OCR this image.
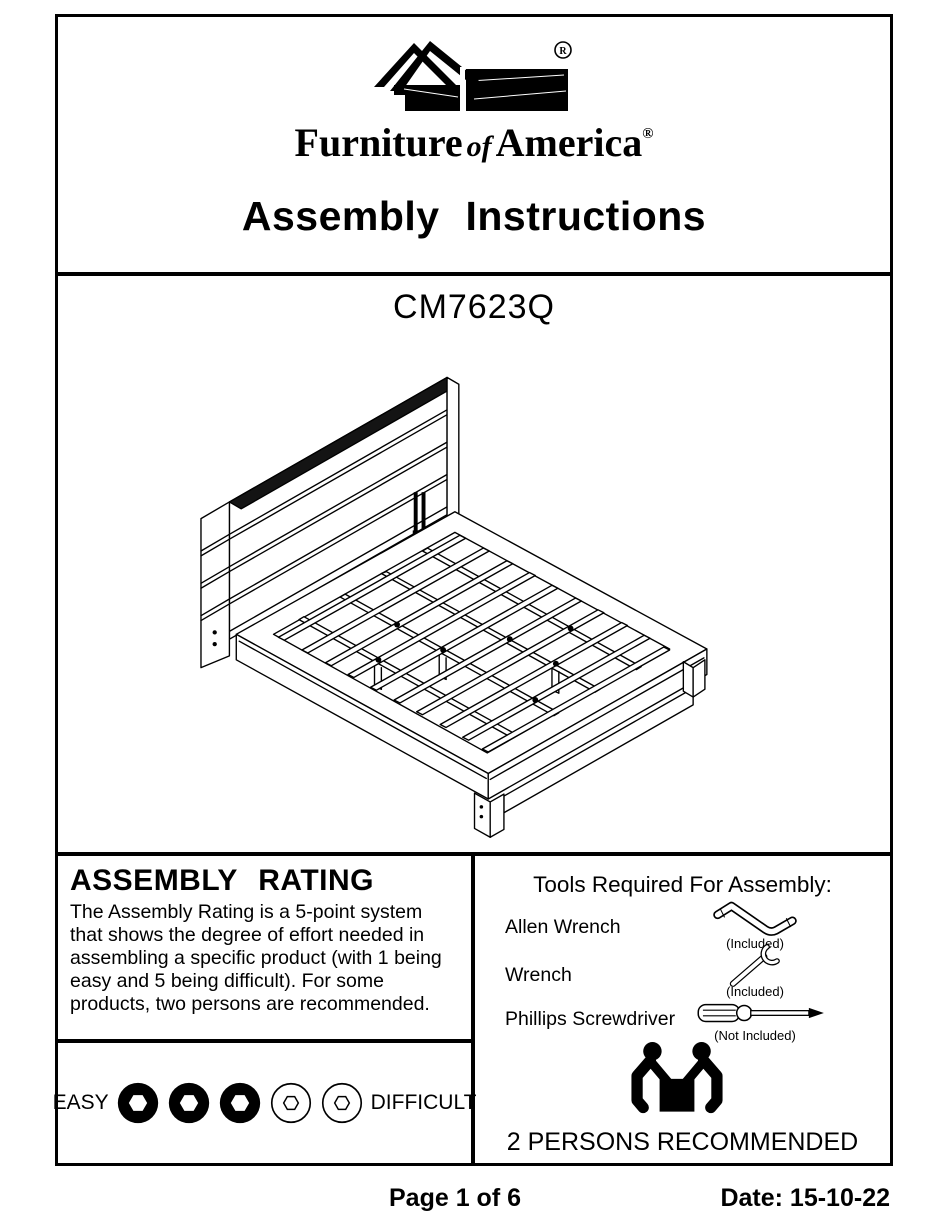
R
Furniture of America®
Assembly Instructions
CM7623Q
ASSEMBLY RATING
The Assembly Rating is a 5-point system that shows the degree of effort needed in assembling a specific product (with 1 being easy and 5 being difficult). For some products, two persons are recommended.
EASY	DIFFICULT
Tools Required For Assembly:
Allen Wrench
(Included)
Wrench
(Included)
Phillips Screwdriver
(Not Included)
2 PERSONS RECOMMENDED
Page 1 of 6	Date: 15-10-22
